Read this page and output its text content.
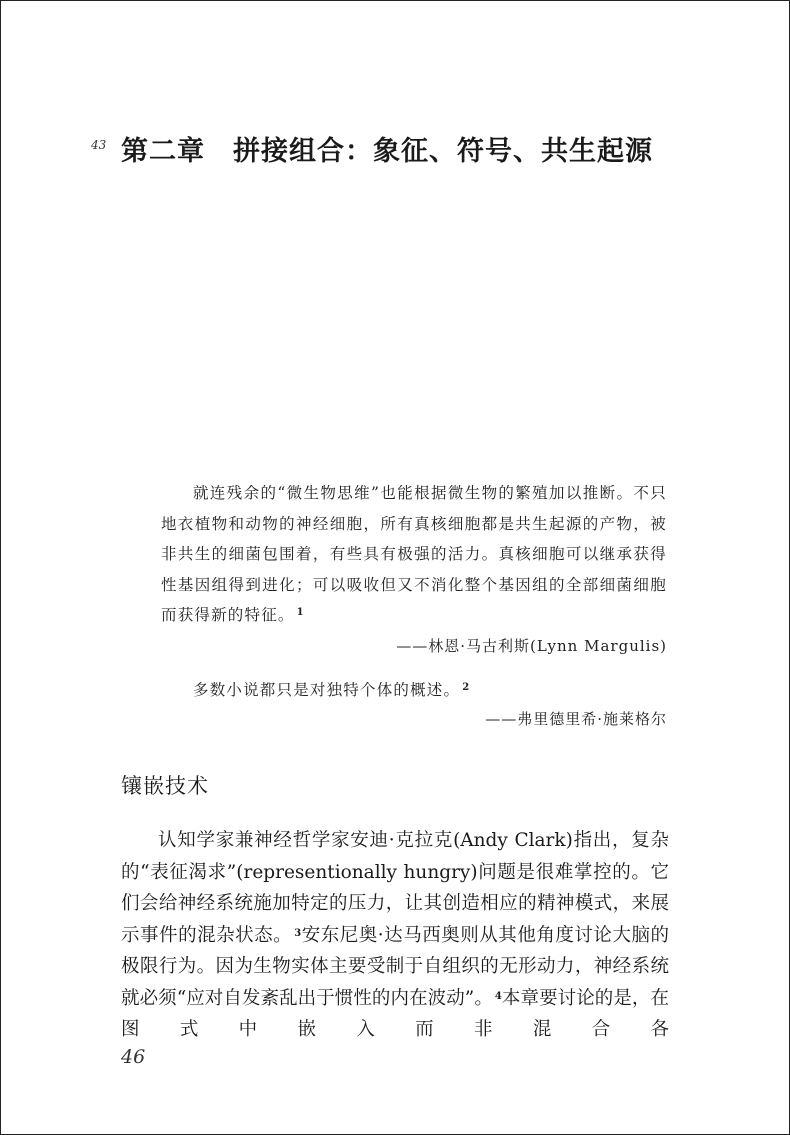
43 第二章　拼接组合：象征、符号、共生起源

就连残余的“微生物思维”也能根据微生物的繁殖加以推断。不只地衣植物和动物的神经细胞，所有真核细胞都是共生起源的产物，被非共生的细菌包围着，有些具有极强的活力。真核细胞可以继承获得性基因组得到进化；可以吸收但又不消化整个基因组的全部细菌细胞而获得新的特征。 $^1$

——林恩·马古利斯(Lynn Margulis)

多数小说都只是对独特个体的概述。 $^2$

——弗里德里希·施莱格尔
镶嵌技术

认知学家兼神经哲学家安迪·克拉克(Andy Clark)指出，复杂的“表征渴求”(representionally hungry)问题是很难掌控的。它们会给神经系统施加特定的压力，让其创造相应的精神模式，来展示事件的混杂状态。 $^3$安东尼奥·达马西奥则从其他角度讨论大脑的极限行为。因为生物实体主要受制于自组织的无形动力，神经系统就必须“应对自发紊乱出于惯性的内在波动”。 $^4$本章要讨论的是，在图式中嵌入而非混合各

46
